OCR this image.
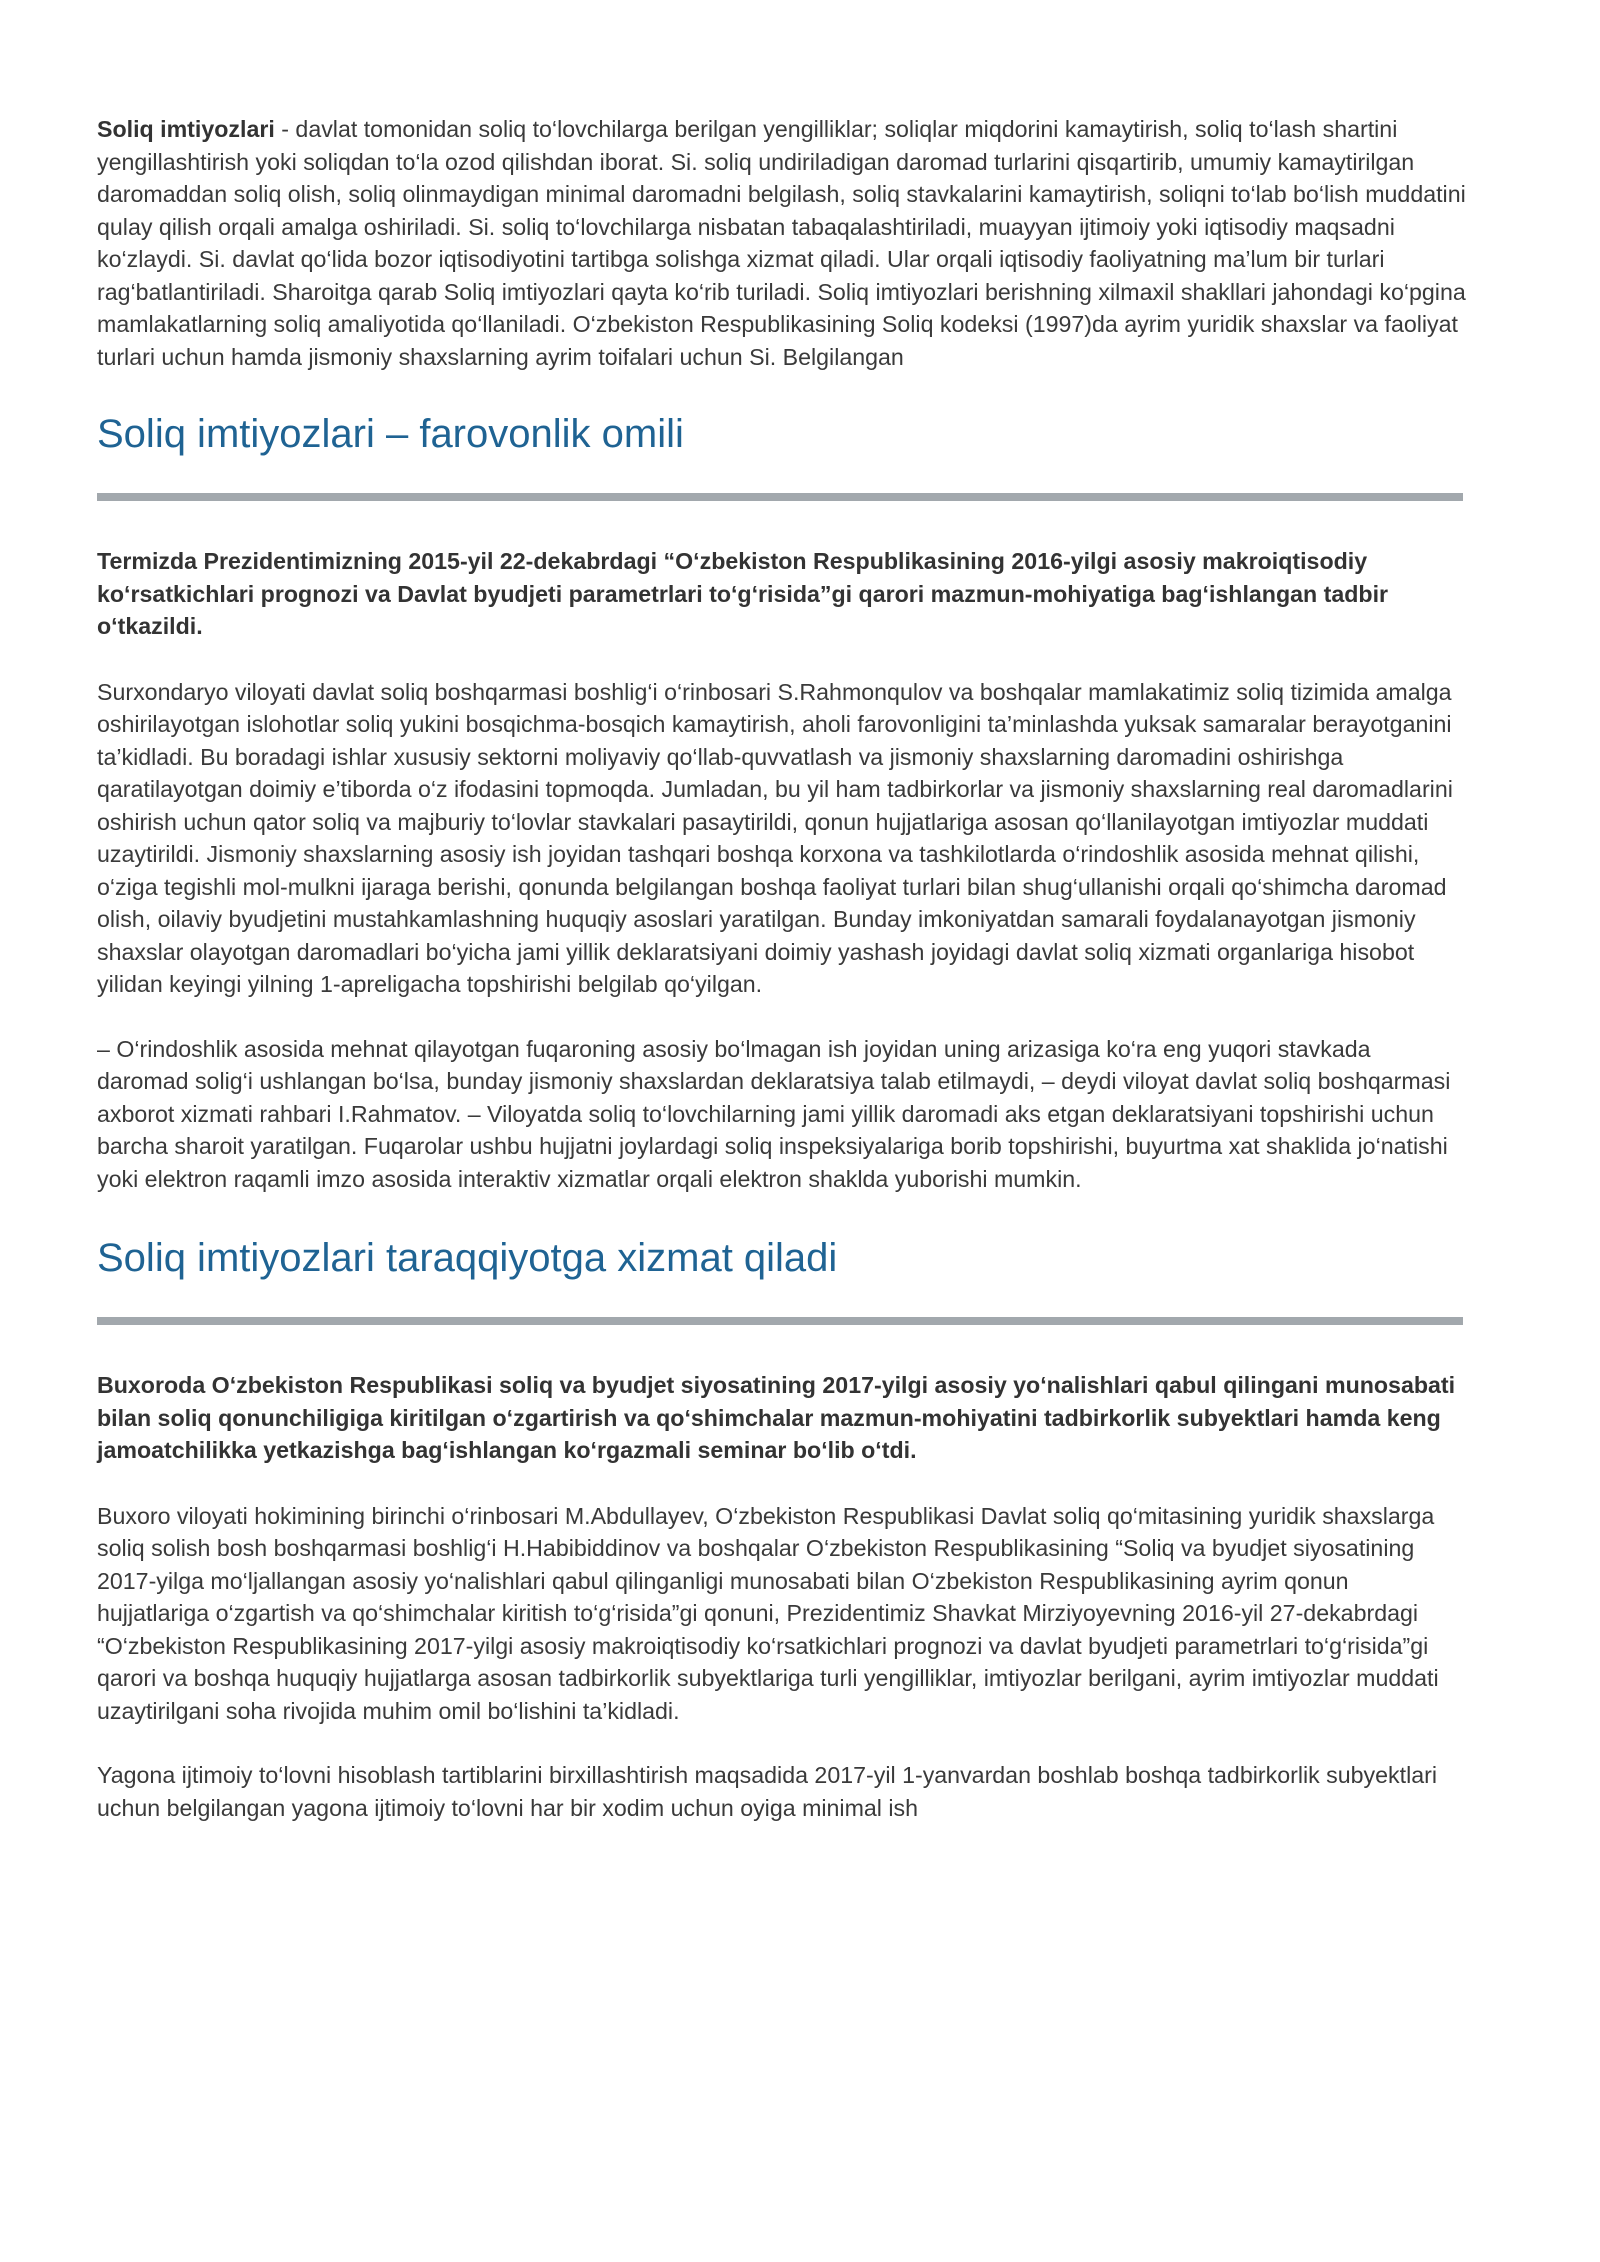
Soliq imtiyozlari - davlat tomonidan soliq to‘lovchilarga berilgan yengilliklar; soliqlar miqdorini kamaytirish, soliq to‘lash shartini yengillashtirish yoki soliqdan to‘la ozod qilishdan iborat. Si. soliq undiriladigan daromad turlarini qisqartirib, umumiy kamaytirilgan daromaddan soliq olish, soliq olinmaydigan minimal daromadni belgilash, soliq stavkalarini kamaytirish, soliqni to‘lab bo‘lish muddatini qulay qilish orqali amalga oshiriladi. Si. soliq to‘lovchilarga nisbatan tabaqalashtiriladi, muayyan ijtimoiy yoki iqtisodiy maqsadni ko‘zlaydi. Si. davlat qo‘lida bozor iqtisodiyotini tartibga solishga xizmat qiladi. Ular orqali iqtisodiy faoliyatning ma’lum bir turlari rag‘batlantiriladi. Sharoitga qarab Soliq imtiyozlari qayta ko‘rib turiladi. Soliq imtiyozlari berishning xilmaxil shakllari jahondagi ko‘pgina mamlakatlarning soliq amaliyotida qo‘llaniladi. O‘zbekiston Respublikasining Soliq kodeksi (1997)da ayrim yuridik shaxslar va faoliyat turlari uchun hamda jismoniy shaxslarning ayrim toifalari uchun Si. Belgilangan

Soliq imtiyozlari – farovonlik omili

Termizda Prezidentimizning 2015-yil 22-dekabrdagi “O‘zbekiston Respublikasining 2016-yilgi asosiy makroiqtisodiy ko‘rsatkichlari prognozi va Davlat byudjeti parametrlari to‘g‘risida”gi qarori mazmun-mohiyatiga bag‘ishlangan tadbir o‘tkazildi.

Surxondaryo viloyati davlat soliq boshqarmasi boshlig‘i o‘rinbosari S.Rahmonqulov va boshqalar mamlakatimiz soliq tizimida amalga oshirilayotgan islohotlar soliq yukini bosqichma-bosqich kamaytirish, aholi farovonligini ta’minlashda yuksak samaralar berayotganini ta’kidladi. Bu boradagi ishlar xususiy sektorni moliyaviy qo‘llab-quvvatlash va jismoniy shaxslarning daromadini oshirishga qaratilayotgan doimiy e’tiborda o‘z ifodasini topmoqda. Jumladan, bu yil ham tadbirkorlar va jismoniy shaxslarning real daromadlarini oshirish uchun qator soliq va majburiy to‘lovlar stavkalari pasaytirildi, qonun hujjatlariga asosan qo‘llanilayotgan imtiyozlar muddati uzaytirildi. Jismoniy shaxslarning asosiy ish joyidan tashqari boshqa korxona va tashkilotlarda o‘rindoshlik asosida mehnat qilishi, o‘ziga tegishli mol-mulkni ijaraga berishi, qonunda belgilangan boshqa faoliyat turlari bilan shug‘ullanishi orqali qo‘shimcha daromad olish, oilaviy byudjetini mustahkamlashning huquqiy asoslari yaratilgan. Bunday imkoniyatdan samarali foydalanayotgan jismoniy shaxslar olayotgan daromadlari bo‘yicha jami yillik deklaratsiyani doimiy yashash joyidagi davlat soliq xizmati organlariga hisobot yilidan keyingi yilning 1-apreligacha topshirishi belgilab qo‘yilgan.

– O‘rindoshlik asosida mehnat qilayotgan fuqaroning asosiy bo‘lmagan ish joyidan uning arizasiga ko‘ra eng yuqori stavkada daromad solig‘i ushlangan bo‘lsa, bunday jismoniy shaxslardan deklaratsiya talab etilmaydi, – deydi viloyat davlat soliq boshqarmasi axborot xizmati rahbari I.Rahmatov. – Viloyatda soliq to‘lovchilarning jami yillik daromadi aks etgan deklaratsiyani topshirishi uchun barcha sharoit yaratilgan. Fuqarolar ushbu hujjatni joylardagi soliq inspeksiyalariga borib topshirishi, buyurtma xat shaklida jo‘natishi yoki elektron raqamli imzo asosida interaktiv xizmatlar orqali elektron shaklda yuborishi mumkin.

Soliq imtiyozlari taraqqiyotga xizmat qiladi

Buxoroda O‘zbekiston Respublikasi soliq va byudjet siyosatining 2017-yilgi asosiy yo‘nalishlari qabul qilingani munosabati bilan soliq qonunchiligiga kiritilgan o‘zgartirish va qo‘shimchalar mazmun-mohiyatini tadbirkorlik subyektlari hamda keng jamoatchilikka yetkazishga bag‘ishlangan ko‘rgazmali seminar bo‘lib o‘tdi.

Buxoro viloyati hokimining birinchi o‘rinbosari M.Abdullayev, O‘zbekiston Respublikasi Davlat soliq qo‘mitasining yuridik shaxslarga soliq solish bosh boshqarmasi boshlig‘i H.Habibiddinov va boshqalar O‘zbekiston Respublikasining “Soliq va byudjet siyosatining 2017-yilga mo‘ljallangan asosiy yo‘nalishlari qabul qilinganligi munosabati bilan O‘zbekiston Respublikasining ayrim qonun hujjatlariga o‘zgartish va qo‘shimchalar kiritish to‘g‘risida”gi qonuni, Prezidentimiz Shavkat Mirziyoyevning 2016-yil 27-dekabrdagi “O‘zbekiston Respublikasining 2017-yilgi asosiy makroiqtisodiy ko‘rsatkichlari prognozi va davlat byudjeti parametrlari to‘g‘risida”gi qarori va boshqa huquqiy hujjatlarga asosan tadbirkorlik subyektlariga turli yengilliklar, imtiyozlar berilgani, ayrim imtiyozlar muddati uzaytirilgani soha rivojida muhim omil bo‘lishini ta’kidladi.

Yagona ijtimoiy to‘lovni hisoblash tartiblarini birxillashtirish maqsadida 2017-yil 1-yanvardan boshlab boshqa tadbirkorlik subyektlari uchun belgilangan yagona ijtimoiy to‘lovni har bir xodim uchun oyiga minimal ish
